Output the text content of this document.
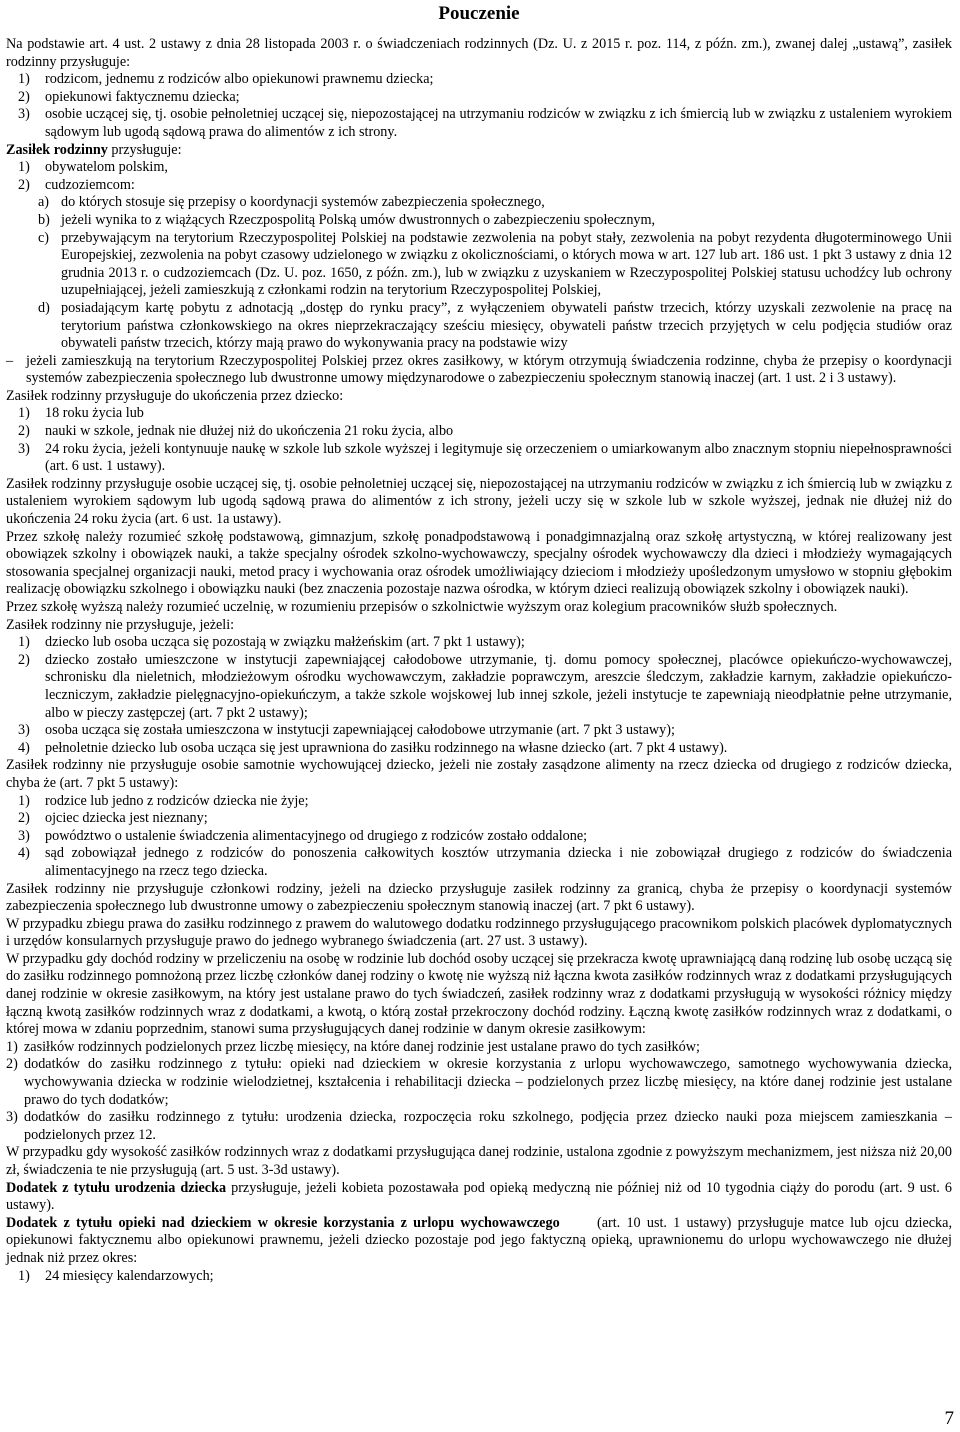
Pouczenie

Na podstawie art. 4 ust. 2 ustawy z dnia 28 listopada 2003 r. o świadczeniach rodzinnych (Dz. U. z 2015 r. poz. 114, z późn. zm.), zwanej dalej „ustawą”, zasiłek rodzinny przysługuje:

1)	rodzicom, jednemu z rodziców albo opiekunowi prawnemu dziecka;
2)	opiekunowi faktycznemu dziecka;
3)	osobie uczącej się, tj. osobie pełnoletniej uczącej się, niepozostającej na utrzymaniu rodziców w związku z ich śmiercią lub w związku z ustaleniem wyrokiem sądowym lub ugodą sądową prawa do alimentów z ich strony.

Zasiłek rodzinny przysługuje:

1)	obywatelom polskim,
2)	cudzoziemcom:
a) do których stosuje się przepisy o koordynacji systemów zabezpieczenia społecznego,
b) jeżeli wynika to z wiążących Rzeczpospolitą Polską umów dwustronnych o zabezpieczeniu społecznym,
c) przebywającym na terytorium Rzeczypospolitej Polskiej na podstawie zezwolenia na pobyt stały, zezwolenia na pobyt rezydenta długoterminowego Unii Europejskiej, zezwolenia na pobyt czasowy udzielonego w związku z okolicznościami, o których mowa w art. 127 lub art. 186 ust. 1 pkt 3 ustawy z dnia 12 grudnia 2013 r. o cudzoziemcach (Dz. U. poz. 1650, z późn. zm.), lub w związku z uzyskaniem w Rzeczypospolitej Polskiej statusu uchodźcy lub ochrony uzupełniającej, jeżeli zamieszkują z członkami rodzin na terytorium Rzeczypospolitej Polskiej,
d) posiadającym kartę pobytu z adnotacją „dostęp do rynku pracy”, z wyłączeniem obywateli państw trzecich, którzy uzyskali zezwolenie na pracę na terytorium państwa członkowskiego na okres nieprzekraczający sześciu miesięcy, obywateli państw trzecich przyjętych w celu podjęcia studiów oraz obywateli państw trzecich, którzy mają prawo do wykonywania pracy na podstawie wizy
– jeżeli zamieszkują na terytorium Rzeczypospolitej Polskiej przez okres zasiłkowy, w którym otrzymują świadczenia rodzinne, chyba że przepisy o koordynacji systemów zabezpieczenia społecznego lub dwustronne umowy międzynarodowe o zabezpieczeniu społecznym stanowią inaczej (art. 1 ust. 2 i 3 ustawy).

Zasiłek rodzinny przysługuje do ukończenia przez dziecko:

1)	18 roku życia lub
2)	nauki w szkole, jednak nie dłużej niż do ukończenia 21 roku życia, albo
3)	24 roku życia, jeżeli kontynuuje naukę w szkole lub szkole wyższej i legitymuje się orzeczeniem o umiarkowanym albo znacznym stopniu niepełnosprawności (art. 6 ust. 1 ustawy).

Zasiłek rodzinny przysługuje osobie uczącej się, tj. osobie pełnoletniej uczącej się, niepozostającej na utrzymaniu rodziców w związku z ich śmiercią lub w związku z ustaleniem wyrokiem sądowym lub ugodą sądową prawa do alimentów z ich strony, jeżeli uczy się w szkole lub w szkole wyższej, jednak nie dłużej niż do ukończenia 24 roku życia (art. 6 ust. 1a ustawy).

Przez szkołę należy rozumieć szkołę podstawową, gimnazjum, szkołę ponadpodstawową i ponadgimnazjalną oraz szkołę artystyczną, w której realizowany jest obowiązek szkolny i obowiązek nauki, a także specjalny ośrodek szkolno-wychowawczy, specjalny ośrodek wychowawczy dla dzieci i młodzieży wymagających stosowania specjalnej organizacji nauki, metod pracy i wychowania oraz ośrodek umożliwiający dzieciom i młodzieży upośledzonym umysłowo w stopniu głębokim realizację obowiązku szkolnego i obowiązku nauki (bez znaczenia pozostaje nazwa ośrodka, w którym dzieci realizują obowiązek szkolny i obowiązek nauki).

Przez szkołę wyższą należy rozumieć uczelnię, w rozumieniu przepisów o szkolnictwie wyższym oraz kolegium pracowników służb społecznych.

Zasiłek rodzinny nie przysługuje, jeżeli:

1)	dziecko lub osoba ucząca się pozostają w związku małżeńskim (art. 7 pkt 1 ustawy);
2)	dziecko zostało umieszczone w instytucji zapewniającej całodobowe utrzymanie, tj. domu pomocy społecznej, placówce opiekuńczo-wychowawczej, schronisku dla nieletnich, młodzieżowym ośrodku wychowawczym, zakładzie poprawczym, areszcie śledczym, zakładzie karnym, zakładzie opiekuńczo-leczniczym, zakładzie pielęgnacyjno-opiekuńczym, a także szkole wojskowej lub innej szkole, jeżeli instytucje te zapewniają nieodpłatnie pełne utrzymanie, albo w pieczy zastępczej (art. 7 pkt 2 ustawy);
3)	osoba ucząca się została umieszczona w instytucji zapewniającej całodobowe utrzymanie (art. 7 pkt 3 ustawy);
4)	pełnoletnie dziecko lub osoba ucząca się jest uprawniona do zasiłku rodzinnego na własne dziecko (art. 7 pkt 4 ustawy).

Zasiłek rodzinny nie przysługuje osobie samotnie wychowującej dziecko, jeżeli nie zostały zasądzone alimenty na rzecz dziecka od drugiego z rodziców dziecka, chyba że (art. 7 pkt 5 ustawy):

1)	rodzice lub jedno z rodziców dziecka nie żyje;
2)	ojciec dziecka jest nieznany;
3)	powództwo o ustalenie świadczenia alimentacyjnego od drugiego z rodziców zostało oddalone;
4)	sąd zobowiązał jednego z rodziców do ponoszenia całkowitych kosztów utrzymania dziecka i nie zobowiązał drugiego z rodziców do świadczenia alimentacyjnego na rzecz tego dziecka.

Zasiłek rodzinny nie przysługuje członkowi rodziny, jeżeli na dziecko przysługuje zasiłek rodzinny za granicą, chyba że przepisy o koordynacji systemów zabezpieczenia społecznego lub dwustronne umowy o zabezpieczeniu społecznym stanowią inaczej (art. 7 pkt 6 ustawy).

W przypadku zbiegu prawa do zasiłku rodzinnego z prawem do walutowego dodatku rodzinnego przysługującego pracownikom polskich placówek dyplomatycznych i urzędów konsularnych przysługuje prawo do jednego wybranego świadczenia (art. 27 ust. 3 ustawy).

W przypadku gdy dochód rodziny w przeliczeniu na osobę w rodzinie lub dochód osoby uczącej się przekracza kwotę uprawniającą daną rodzinę lub osobę uczącą się do zasiłku rodzinnego pomnożoną przez liczbę członków danej rodziny o kwotę nie wyższą niż łączna kwota zasiłków rodzinnych wraz z dodatkami przysługujących danej rodzinie w okresie zasiłkowym, na który jest ustalane prawo do tych świadczeń, zasiłek rodzinny wraz z dodatkami przysługują w wysokości różnicy między łączną kwotą zasiłków rodzinnych wraz z dodatkami, a kwotą, o którą został przekroczony dochód rodziny. Łączną kwotę zasiłków rodzinnych wraz z dodatkami, o której mowa w zdaniu poprzednim, stanowi suma przysługujących danej rodzinie w danym okresie zasiłkowym:

1) zasiłków rodzinnych podzielonych przez liczbę miesięcy, na które danej rodzinie jest ustalane prawo do tych zasiłków;
2) dodatków do zasiłku rodzinnego z tytułu: opieki nad dzieckiem w okresie korzystania z urlopu wychowawczego, samotnego wychowywania dziecka, wychowywania dziecka w rodzinie wielodzietnej, kształcenia i rehabilitacji dziecka – podzielonych przez liczbę miesięcy, na które danej rodzinie jest ustalane prawo do tych dodatków;
3) dodatków do zasiłku rodzinnego z tytułu: urodzenia dziecka, rozpoczęcia roku szkolnego, podjęcia przez dziecko nauki poza miejscem zamieszkania – podzielonych przez 12.

W przypadku gdy wysokość zasiłków rodzinnych wraz z dodatkami przysługująca danej rodzinie, ustalona zgodnie z powyższym mechanizmem, jest niższa niż 20,00 zł, świadczenia te nie przysługują (art. 5 ust. 3-3d ustawy).

Dodatek z tytułu urodzenia dziecka przysługuje, jeżeli kobieta pozostawała pod opieką medyczną nie później niż od 10 tygodnia ciąży do porodu (art. 9 ust. 6 ustawy).

Dodatek z tytułu opieki nad dzieckiem w okresie korzystania z urlopu wychowawczego      (art. 10 ust. 1 ustawy) przysługuje matce lub ojcu dziecka, opiekunowi faktycznemu albo opiekunowi prawnemu, jeżeli dziecko pozostaje pod jego faktyczną opieką, uprawnionemu do urlopu wychowawczego nie dłużej jednak niż przez okres:

1)	24 miesięcy kalendarzowych;
7
